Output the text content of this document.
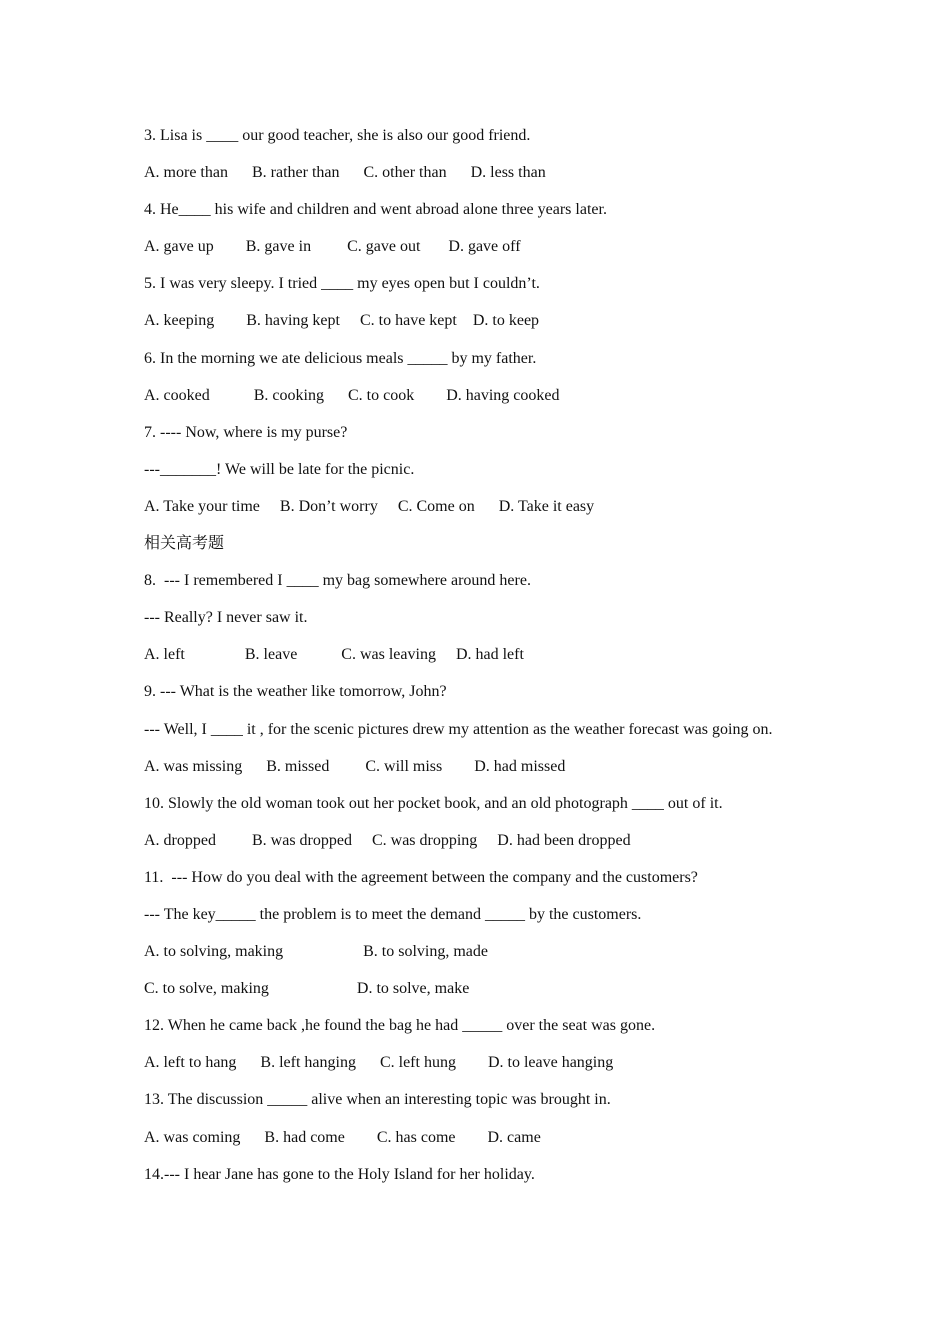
3. Lisa is ____ our good teacher, she is also our good friend.
A. more than      B. rather than      C. other than      D. less than
4. He____ his wife and children and went abroad alone three years later.
A. gave up        B. gave in         C. gave out       D. gave off
5. I was very sleepy. I tried ____ my eyes open but I couldn’t.
A. keeping        B. having kept     C. to have kept    D. to keep
6. In the morning we ate delicious meals _____ by my father.
A. cooked           B. cooking      C. to cook        D. having cooked
7. ---- Now, where is my purse?
---_______! We will be late for the picnic.
A. Take your time     B. Don’t worry     C. Come on      D. Take it easy
相关高考题
8.  --- I remembered I ____ my bag somewhere around here.
--- Really? I never saw it.
A. left               B. leave           C. was leaving     D. had left
9. --- What is the weather like tomorrow, John?
--- Well, I ____ it , for the scenic pictures drew my attention as the weather forecast was going on.
A. was missing      B. missed         C. will miss        D. had missed
10. Slowly the old woman took out her pocket book, and an old photograph ____ out of it.
A. dropped         B. was dropped     C. was dropping     D. had been dropped
11.  --- How do you deal with the agreement between the company and the customers?
--- The key_____ the problem is to meet the demand _____ by the customers.
A. to solving, making                    B. to solving, made
C. to solve, making                      D. to solve, make
12. When he came back ,he found the bag he had _____ over the seat was gone.
A. left to hang      B. left hanging      C. left hung        D. to leave hanging
13. The discussion _____ alive when an interesting topic was brought in.
A. was coming      B. had come        C. has come        D. came
14.--- I hear Jane has gone to the Holy Island for her holiday.
